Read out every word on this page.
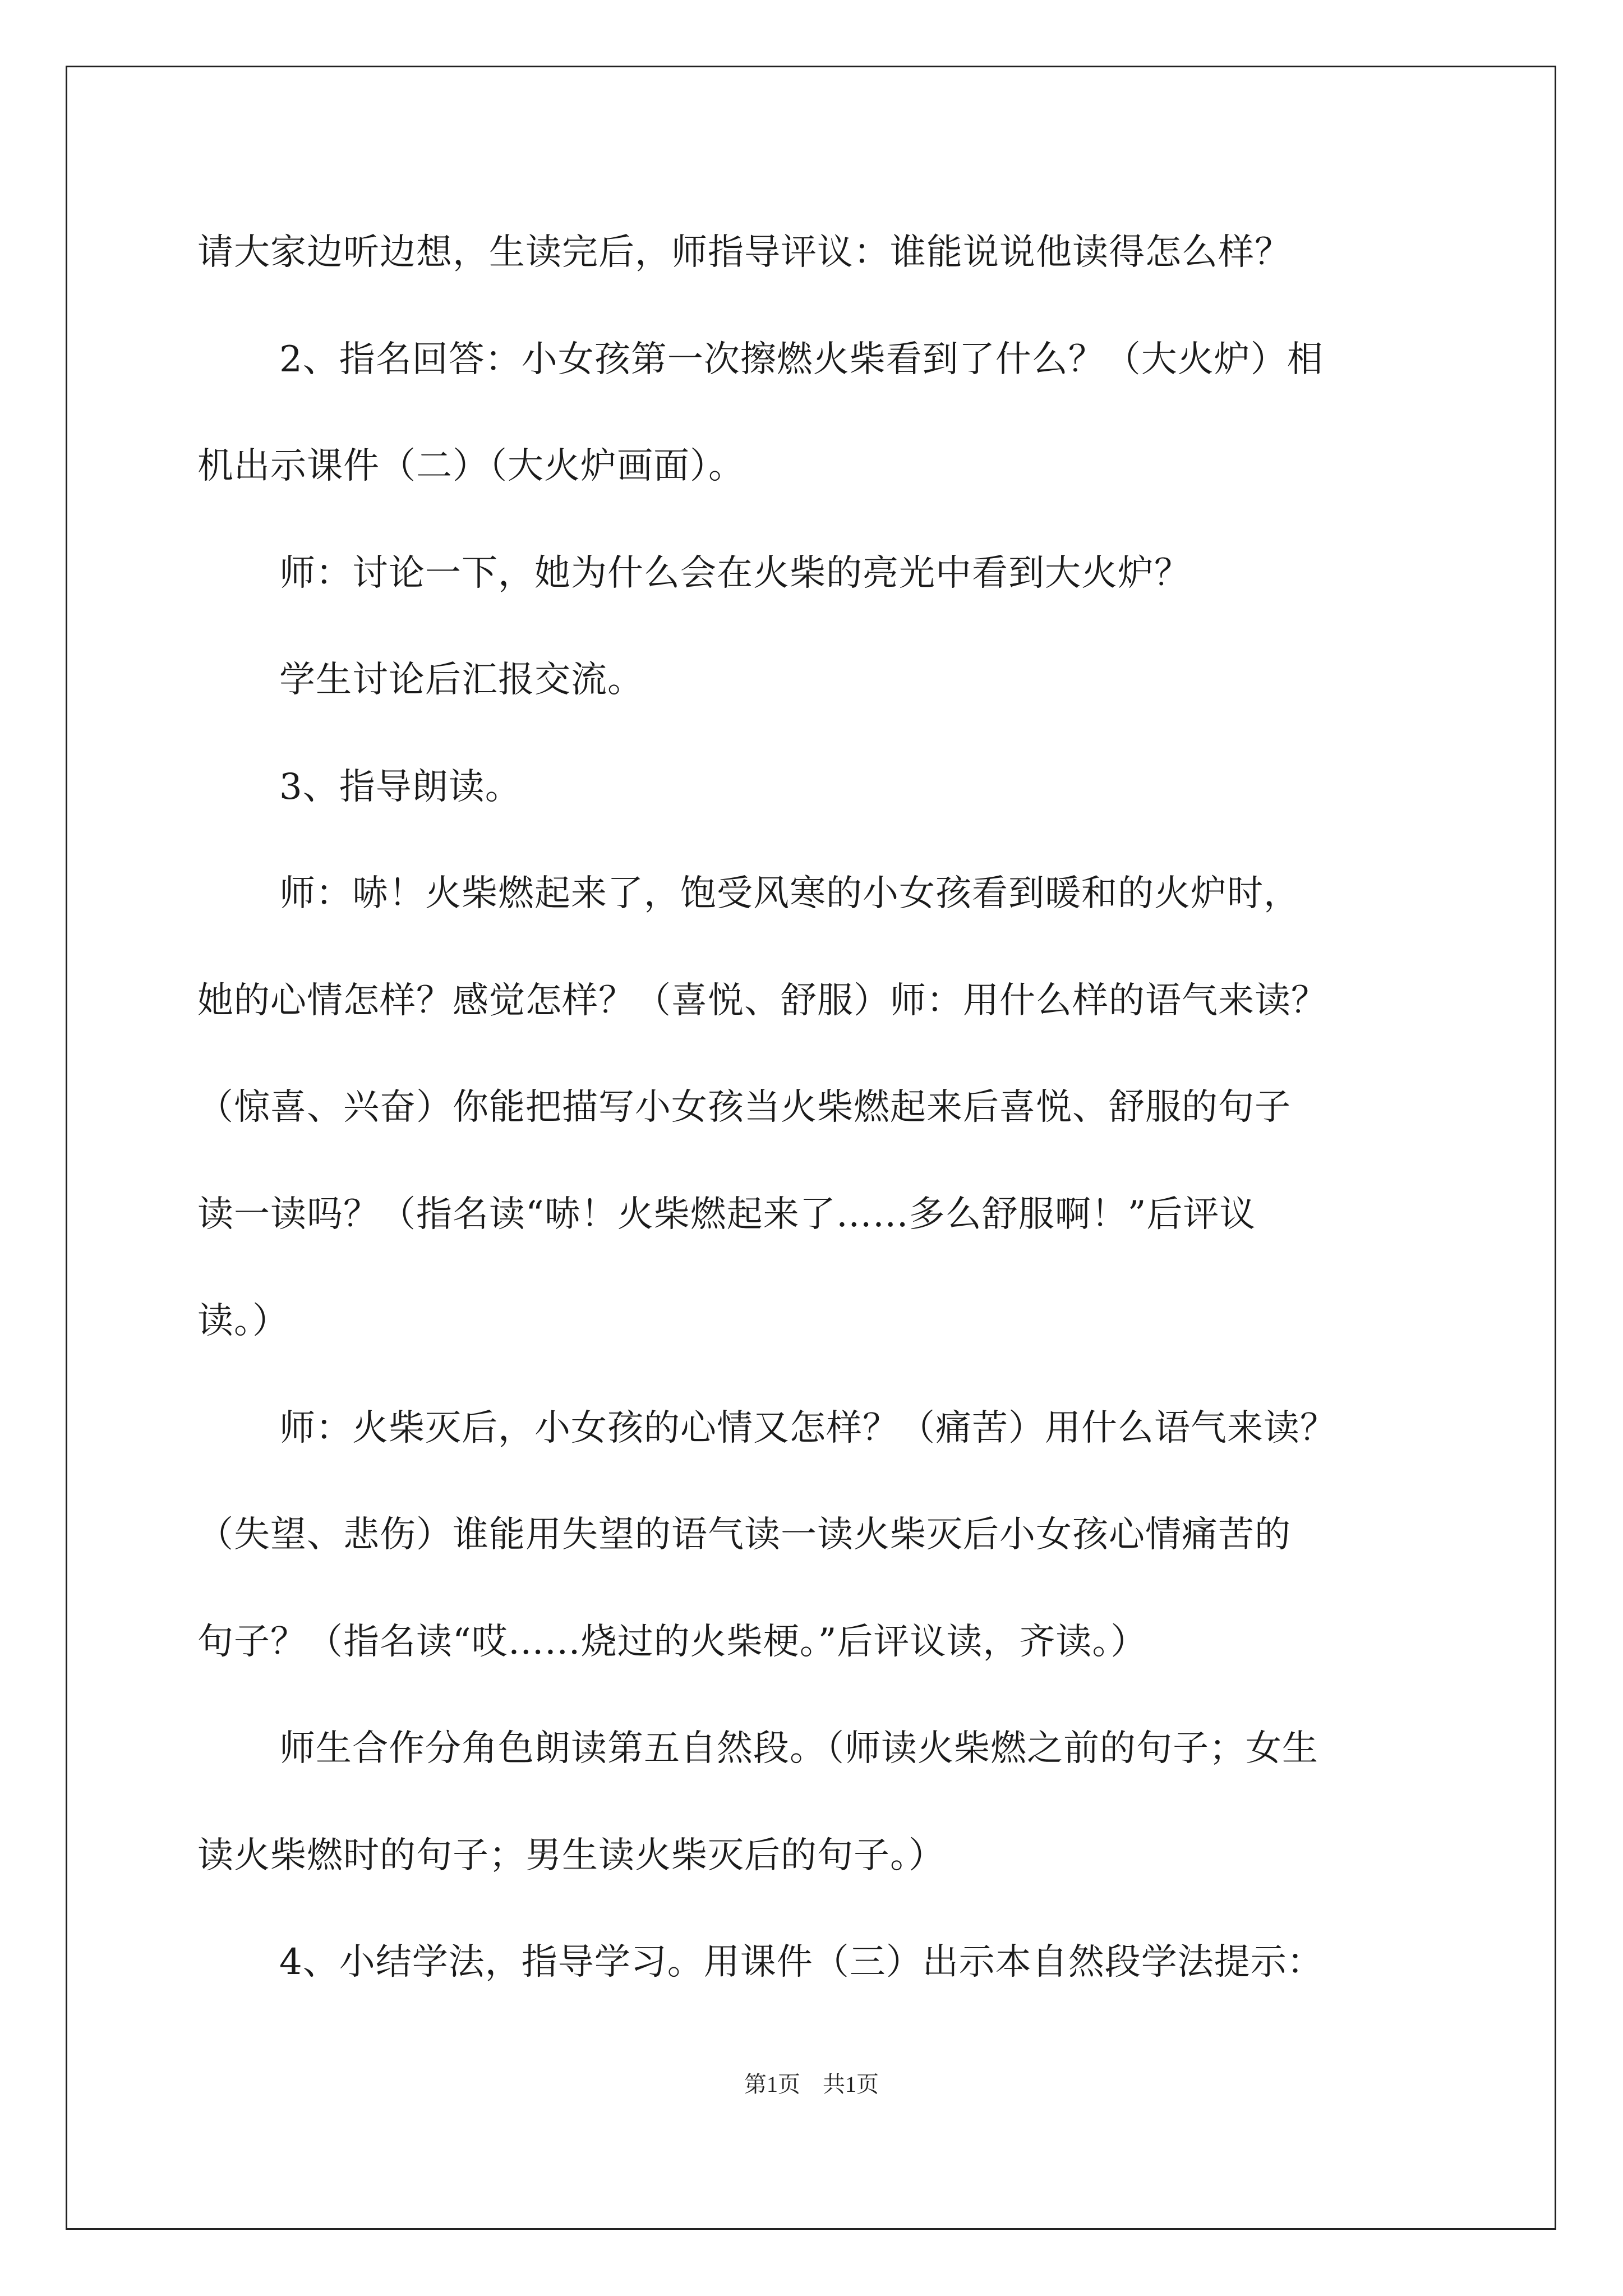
请大家边听边想，生读完后，师指导评议：谁能说说他读得怎么样？
2、指名回答：小女孩第一次擦燃火柴看到了什么？（大火炉）相
机出示课件（二）（大火炉画面）。
师：讨论一下，她为什么会在火柴的亮光中看到大火炉？
学生讨论后汇报交流。
3、指导朗读。
师：哧！火柴燃起来了，饱受风寒的小女孩看到暖和的火炉时，
她的心情怎样？感觉怎样？（喜悦、舒服）师：用什么样的语气来读？
（惊喜、兴奋）你能把描写小女孩当火柴燃起来后喜悦、舒服的句子
读一读吗？（指名读“哧！火柴燃起来了……多么舒服啊！”后评议
读。）
师：火柴灭后，小女孩的心情又怎样？（痛苦）用什么语气来读？
（失望、悲伤）谁能用失望的语气读一读火柴灭后小女孩心情痛苦的
句子？（指名读“哎……烧过的火柴梗。”后评议读，齐读。）
师生合作分角色朗读第五自然段。（师读火柴燃之前的句子；女生
读火柴燃时的句子；男生读火柴灭后的句子。）
4、小结学法，指导学习。用课件（三）出示本自然段学法提示：
第1页　共1页
